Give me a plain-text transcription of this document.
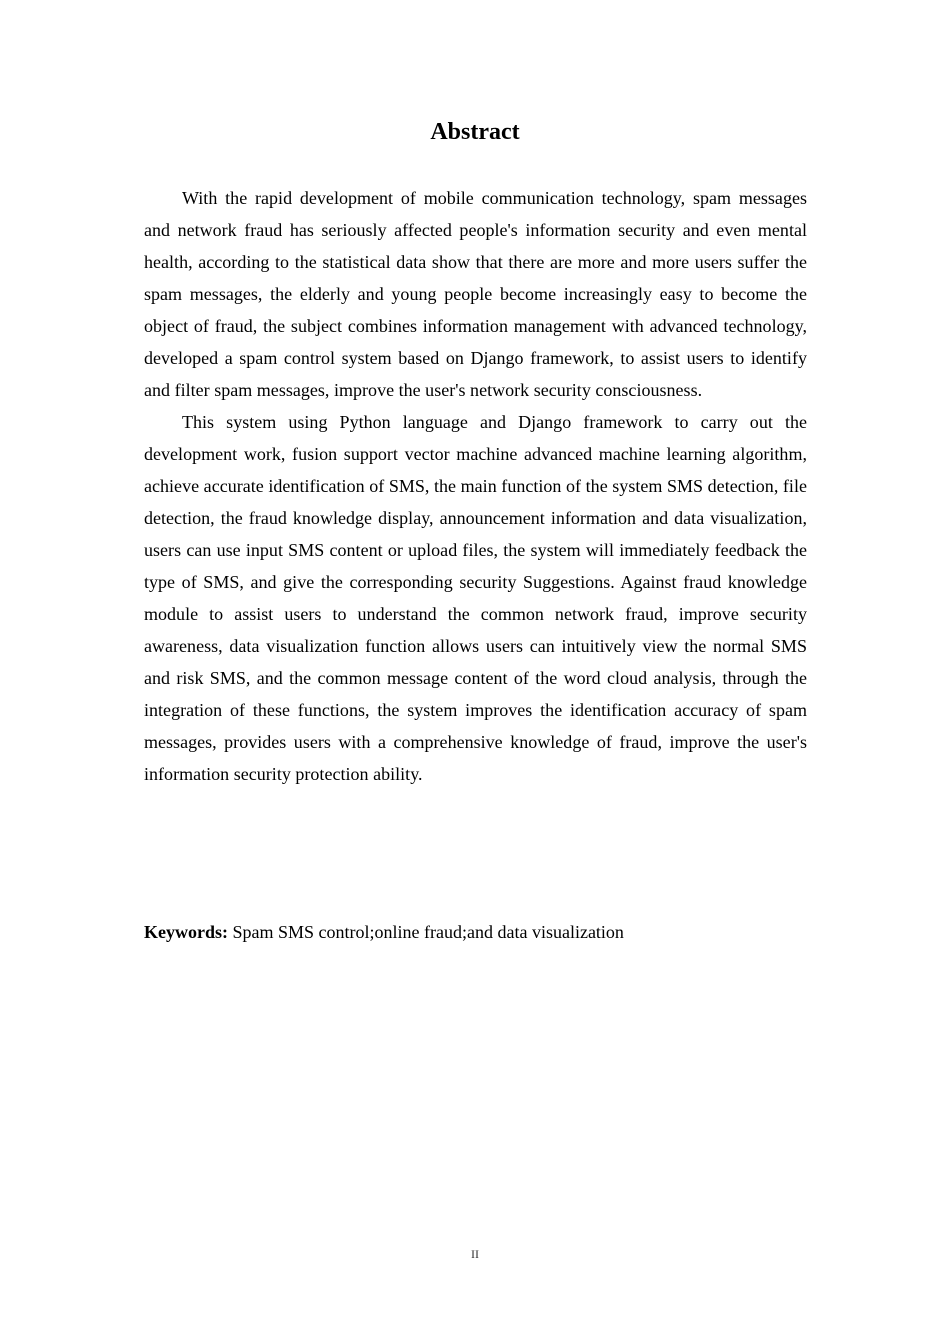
Abstract

With the rapid development of mobile communication technology, spam messages and network fraud has seriously affected people's information security and even mental health, according to the statistical data show that there are more and more users suffer the spam messages, the elderly and young people become increasingly easy to become the object of fraud, the subject combines information management with advanced technology, developed a spam control system based on Django framework, to assist users to identify and filter spam messages, improve the user's network security consciousness.

This system using Python language and Django framework to carry out the development work, fusion support vector machine advanced machine learning algorithm, achieve accurate identification of SMS, the main function of the system SMS detection, file detection, the fraud knowledge display, announcement information and data visualization, users can use input SMS content or upload files, the system will immediately feedback the type of SMS, and give the corresponding security Suggestions. Against fraud knowledge module to assist users to understand the common network fraud, improve security awareness, data visualization function allows users can intuitively view the normal SMS and risk SMS, and the common message content of the word cloud analysis, through the integration of these functions, the system improves the identification accuracy of spam messages, provides users with a comprehensive knowledge of fraud, improve the user's information security protection ability.

Keywords: Spam SMS control;online fraud;and data visualization
II
